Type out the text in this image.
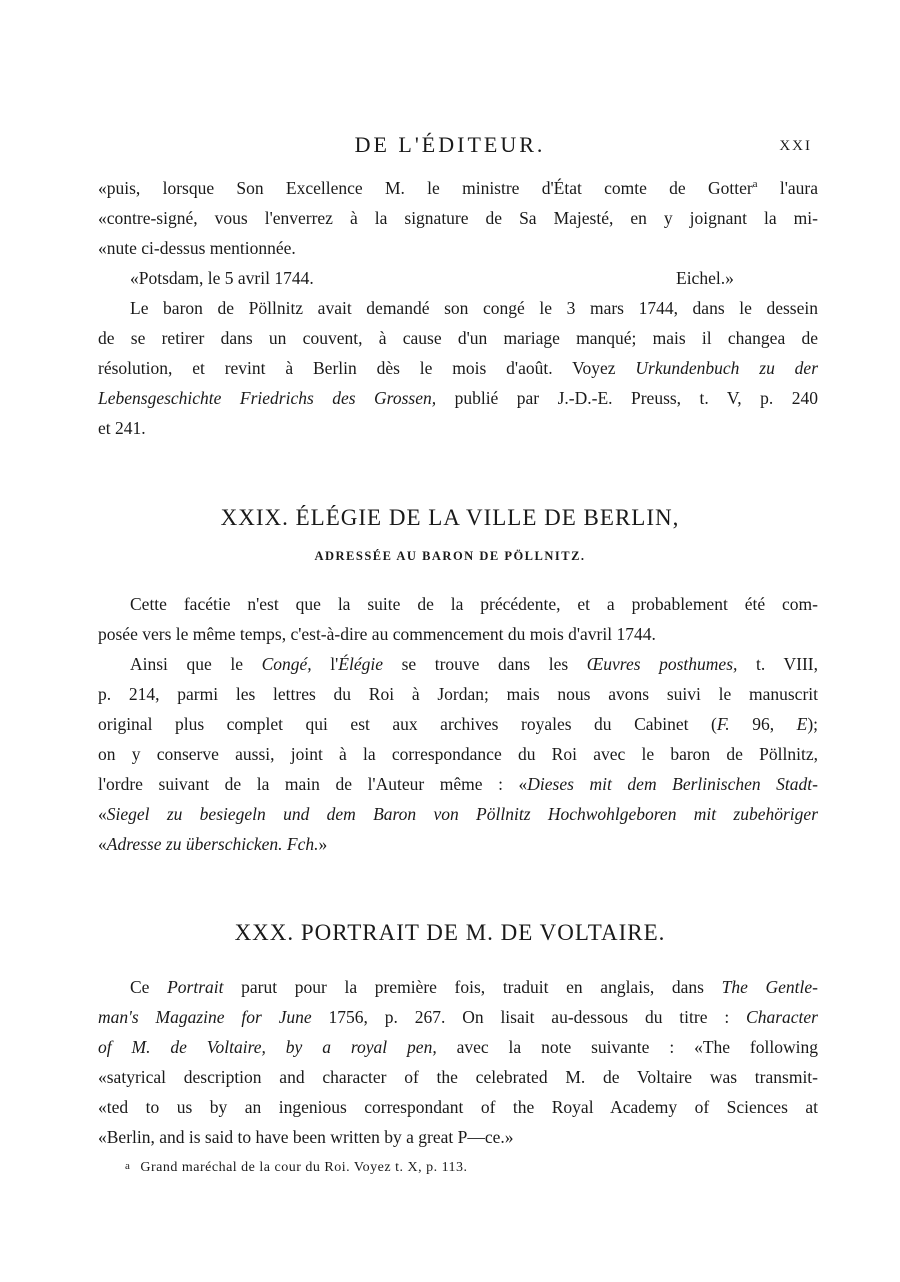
DE L'ÉDITEUR.	XXI
«puis, lorsque Son Excellence M. le ministre d'État comte de Gotter$^a$ l'aura
«contre-signé, vous l'enverrez à la signature de Sa Majesté, en y joignant la mi-
«nute ci-dessus mentionnée.
«Potsdam, le 5 avril 1744.	Eichel.»
Le baron de Pöllnitz avait demandé son congé le 3 mars 1744, dans le dessein
de se retirer dans un couvent, à cause d'un mariage manqué; mais il changea de
résolution, et revint à Berlin dès le mois d'août. Voyez Urkundenbuch zu der
Lebensgeschichte Friedrichs des Grossen, publié par J.-D.-E. Preuss, t. V, p. 240
et 241.
XXIX. ÉLÉGIE DE LA VILLE DE BERLIN,
ADRESSÉE AU BARON DE PÖLLNITZ.
Cette facétie n'est que la suite de la précédente, et a probablement été com-
posée vers le même temps, c'est-à-dire au commencement du mois d'avril 1744.
Ainsi que le Congé, l'Élégie se trouve dans les Œuvres posthumes, t. VIII,
p. 214, parmi les lettres du Roi à Jordan; mais nous avons suivi le manuscrit
original plus complet qui est aux archives royales du Cabinet (F. 96, E);
on y conserve aussi, joint à la correspondance du Roi avec le baron de Pöllnitz,
l'ordre suivant de la main de l'Auteur même : «Dieses mit dem Berlinischen Stadt-
«Siegel zu besiegeln und dem Baron von Pöllnitz Hochwohlgeboren mit zubehöriger
«Adresse zu überschicken. Fch.»
XXX. PORTRAIT DE M. DE VOLTAIRE.
Ce Portrait parut pour la première fois, traduit en anglais, dans The Gentle-
man's Magazine for June 1756, p. 267. On lisait au-dessous du titre : Character
of M. de Voltaire, by a royal pen, avec la note suivante : «The following
«satyrical description and character of the celebrated M. de Voltaire was transmit-
«ted to us by an ingenious correspondant of the Royal Academy of Sciences at
«Berlin, and is said to have been written by a great P—ce.»
a Grand maréchal de la cour du Roi. Voyez t. X, p. 113.
